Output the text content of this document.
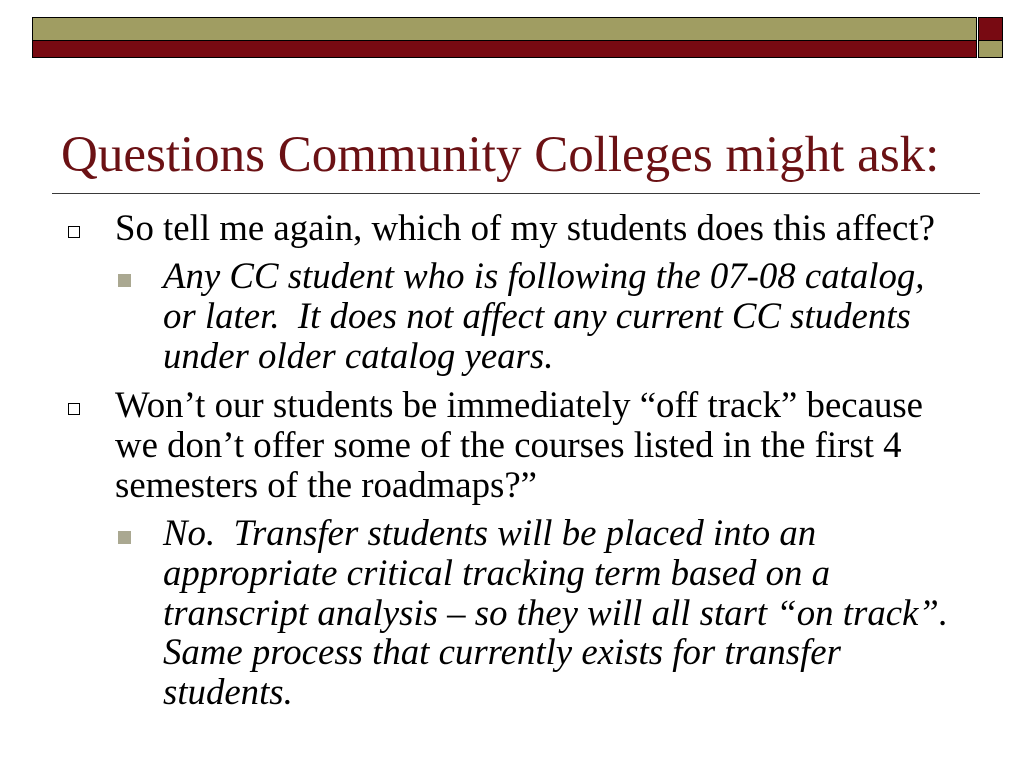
Questions Community Colleges might ask:
So tell me again, which of my students does this affect?
Any CC student who is following the 07-08 catalog,
or later.  It does not affect any current CC students
under older catalog years.
Won’t our students be immediately “off track” because
we don’t offer some of the courses listed in the first 4
semesters of the roadmaps?”
No.  Transfer students will be placed into an
appropriate critical tracking term based on a
transcript analysis – so they will all start “on track”.
Same process that currently exists for transfer
students.
